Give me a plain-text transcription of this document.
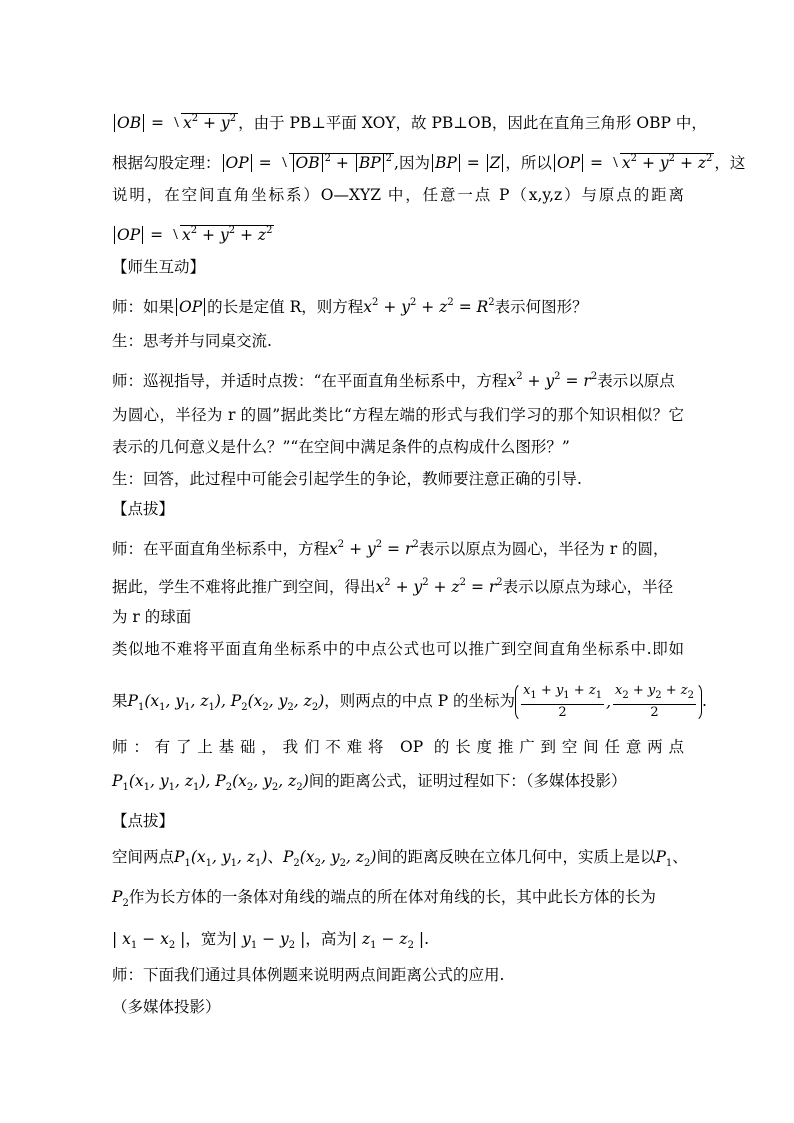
OB = $x^2 + y^2$ ，由于 PB⊥平面 XOY，故 PB⊥OB，因此在直角三角形 OBP 中，
根据勾股定理： OP = OB $^2$ + BP $^2$ ,因为 BP = Z ，所以 OP = $x^2 + y^2 + z^2$ ，这
说明，在空间直角坐标系）O—XYZ 中，任意一点 P（x,y,z）与原点的距离
OP = $x^2 + y^2 + z^2$
【师生互动】
师：如果 OP 的长是定值 R，则方程
$x^2 + y^2 + z^2 = R^2$表示何图形？
生：思考并与同桌交流.
师：巡视指导，并适时点拨：“在平面直角坐标系中，方程
$x^2 + y^2 = r^2$表示以原点
为圆心，半径为 r 的圆”据此类比“方程左端的形式与我们学习的那个知识相似？它
表示的几何意义是什么？”“在空间中满足条件的点构成什么图形？”
生：回答，此过程中可能会引起学生的争论，教师要注意正确的引导.
【点拔】
师：在平面直角坐标系中，方程
$x^2 + y^2 = r^2$表示以原点为圆心，半径为 r 的圆，
据此，学生不难将此推广到空间，得出
$x^2 + y^2 + z^2 = r^2$表示以原点为球心，半径
为 r 的球面
类似地不难将平面直角坐标系中的中点公式也可以推广到空间直角坐标系中.即如
果
$P_1(x_1$, $y_1$, $z_1$), $P_2(x_2$, $y_2$, $z_2$)，则两点的中点 P 的坐标为 $\frac{x_1 + y_1 + z_1}{2}$ , $\frac{x_2 + y_2 + z_2}{2}$ .
师：有了上基础，我们不难将 OP 的长度推广到空间任意两点
$P_1(x_1$, $y_1$, $z_1$), $P_2(x_2$, $y_2$, $z_2$)间的距离公式，证明过程如下：（多媒体投影）
【点拔】
空间两点
$P_1(x_1$, $y_1$, $z_1$)、
$P_2(x_2$, $y_2$, $z_2$)间的距离反映在立体几何中，实质上是以
$P_1$、
$P_2$作为长方体的一条体对角线的端点的所在体对角线的长，其中此长方体的长为
| $x_1 - x_2$ |，宽为
| $y_1 - y_2$ |，高为
| $z_1 - z_2$ |.
师：下面我们通过具体例题来说明两点间距离公式的应用.
（多媒体投影）
